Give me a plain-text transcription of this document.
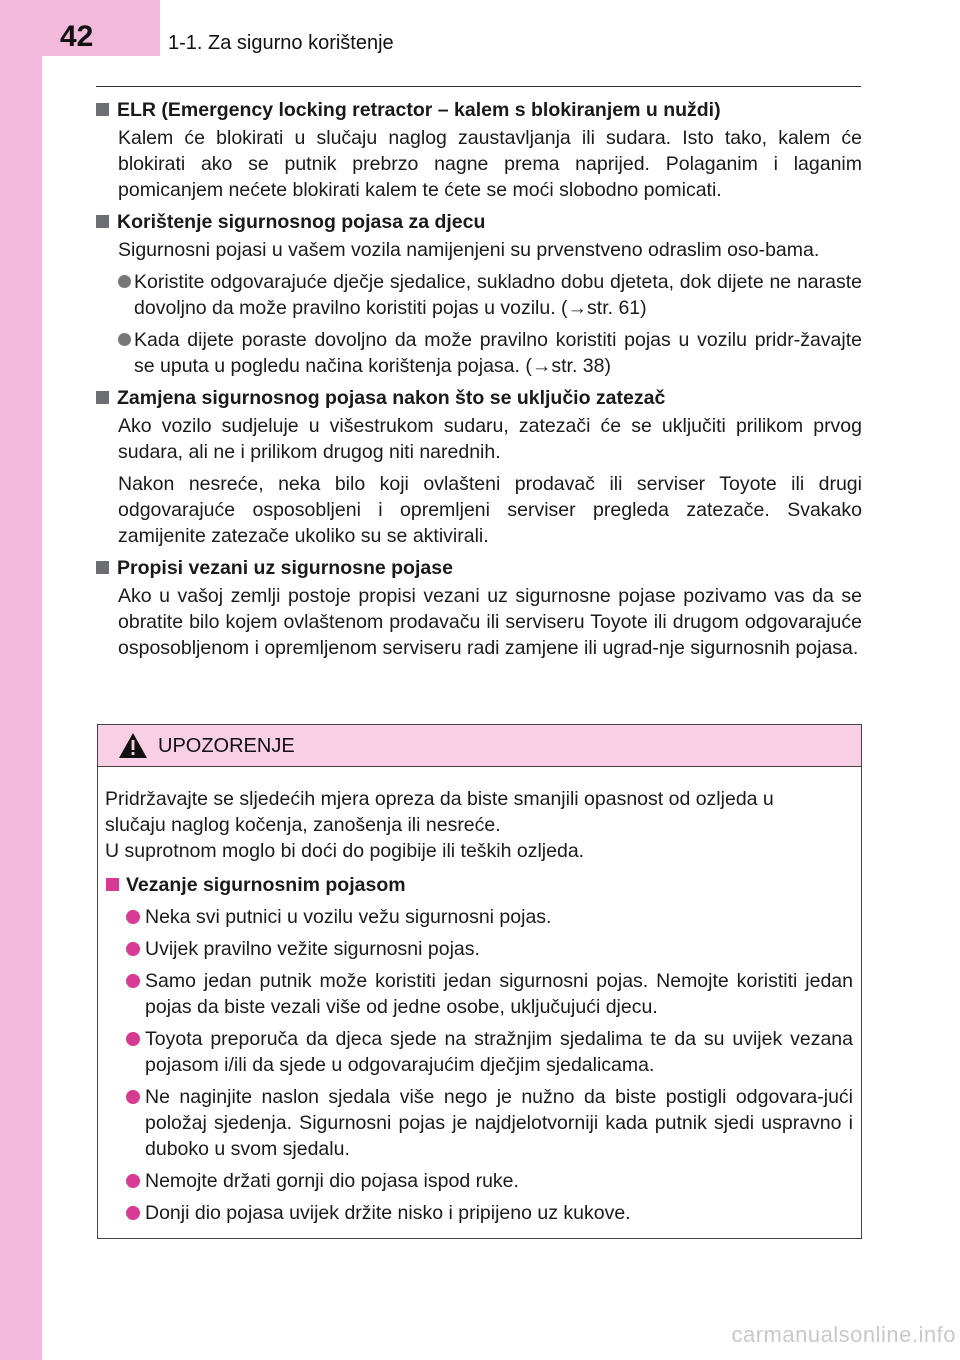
42	1-1. Za sigurno korištenje
ELR (Emergency locking retractor – kalem s blokiranjem u nuždi)
Kalem će blokirati u slučaju naglog zaustavljanja ili sudara. Isto tako, kalem će blokirati ako se putnik prebrzo nagne prema naprijed. Polaganim i laganim pomicanjem nećete blokirati kalem te ćete se moći slobodno pomicati.
Korištenje sigurnosnog pojasa za djecu
Sigurnosni pojasi u vašem vozila namijenjeni su prvenstveno odraslim oso-bama.
Koristite odgovarajuće dječje sjedalice, sukladno dobu djeteta, dok dijete ne naraste dovoljno da može pravilno koristiti pojas u vozilu. (→str. 61)
Kada dijete poraste dovoljno da može pravilno koristiti pojas u vozilu pridr-žavajte se uputa u pogledu načina korištenja pojasa. (→str. 38)
Zamjena sigurnosnog pojasa nakon što se uključio zatezač
Ako vozilo sudjeluje u višestrukom sudaru, zatezači će se uključiti prilikom prvog sudara, ali ne i prilikom drugog niti narednih.
Nakon nesreće, neka bilo koji ovlašteni prodavač ili serviser Toyote ili drugi odgovarajuće osposobljeni i opremljeni serviser pregleda zatezače. Svakako zamijenite zatezače ukoliko su se aktivirali.
Propisi vezani uz sigurnosne pojase
Ako u vašoj zemlji postoje propisi vezani uz sigurnosne pojase pozivamo vas da se obratite bilo kojem ovlaštenom prodavaču ili serviseru Toyote ili drugom odgovarajuće osposobljenom i opremljenom serviseru radi zamjene ili ugrad-nje sigurnosnih pojasa.
UPOZORENJE
Pridržavajte se sljedećih mjera opreza da biste smanjili opasnost od ozljeda u
slučaju naglog kočenja, zanošenja ili nesreće.
U suprotnom moglo bi doći do pogibije ili teških ozljeda.
Vezanje sigurnosnim pojasom
Neka svi putnici u vozilu vežu sigurnosni pojas.
Uvijek pravilno vežite sigurnosni pojas.
Samo jedan putnik može koristiti jedan sigurnosni pojas. Nemojte koristiti jedan pojas da biste vezali više od jedne osobe, uključujući djecu.
Toyota preporuča da djeca sjede na stražnjim sjedalima te da su uvijek vezana pojasom i/ili da sjede u odgovarajućim dječjim sjedalicama.
Ne naginjite naslon sjedala više nego je nužno da biste postigli odgovara-jući položaj sjedenja. Sigurnosni pojas je najdjelotvorniji kada putnik sjedi uspravno i duboko u svom sjedalu.
Nemojte držati gornji dio pojasa ispod ruke.
Donji dio pojasa uvijek držite nisko i pripijeno uz kukove.
carmanualsonline.info
